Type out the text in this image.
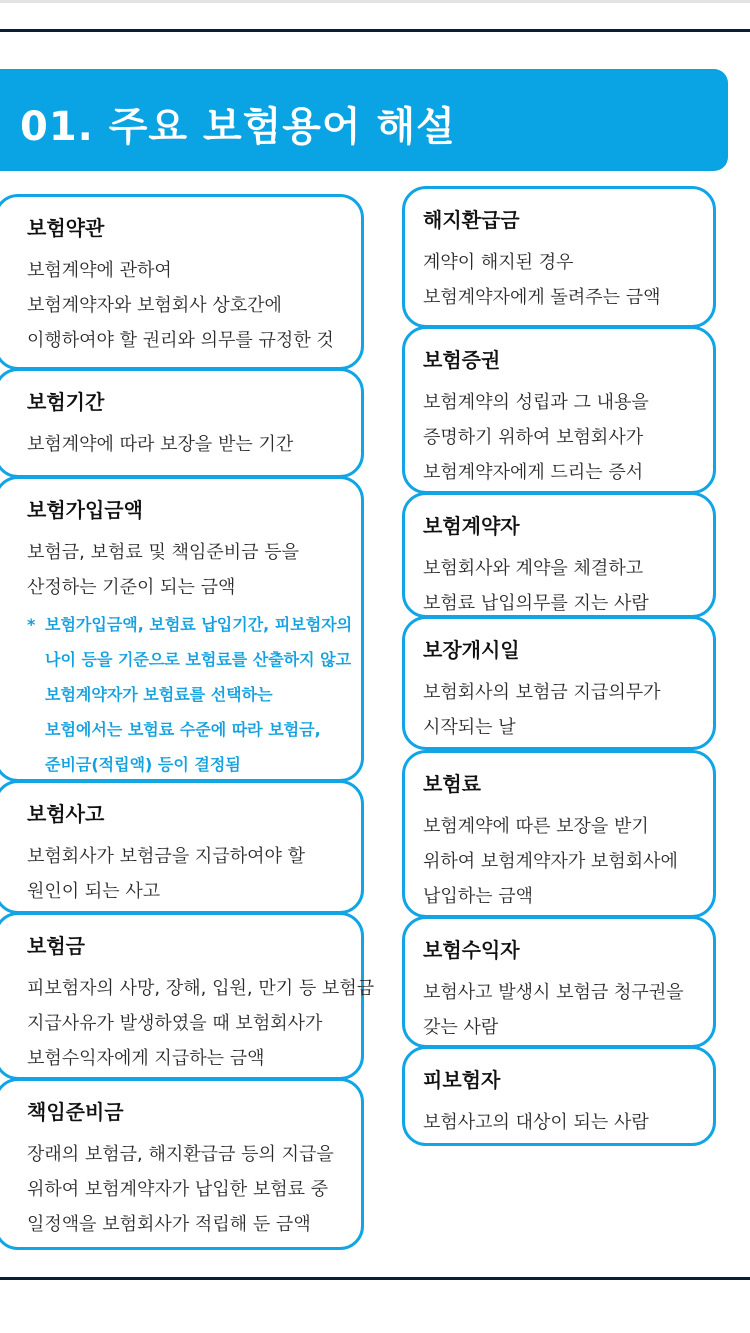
01. 주요 보험용어 해설
보험약관
보험계약에 관하여
보험계약자와 보험회사 상호간에
이행하여야 할 권리와 의무를 규정한 것
보험기간
보험계약에 따라 보장을 받는 기간
보험가입금액
보험금, 보험료 및 책임준비금 등을
산정하는 기준이 되는 금액
* 보험가입금액, 보험료 납입기간, 피보험자의
나이 등을 기준으로 보험료를 산출하지 않고
보험계약자가 보험료를 선택하는
보험에서는 보험료 수준에 따라 보험금,
준비금(적립액) 등이 결정됨
보험사고
보험회사가 보험금을 지급하여야 할
원인이 되는 사고
보험금
피보험자의 사망, 장해, 입원, 만기 등 보험금
지급사유가 발생하였을 때 보험회사가
보험수익자에게 지급하는 금액
책임준비금
장래의 보험금, 해지환급금 등의 지급을
위하여 보험계약자가 납입한 보험료 중
일정액을 보험회사가 적립해 둔 금액
해지환급금
계약이 해지된 경우
보험계약자에게 돌려주는 금액
보험증권
보험계약의 성립과 그 내용을
증명하기 위하여 보험회사가
보험계약자에게 드리는 증서
보험계약자
보험회사와 계약을 체결하고
보험료 납입의무를 지는 사람
보장개시일
보험회사의 보험금 지급의무가
시작되는 날
보험료
보험계약에 따른 보장을 받기
위하여 보험계약자가 보험회사에
납입하는 금액
보험수익자
보험사고 발생시 보험금 청구권을
갖는 사람
피보험자
보험사고의 대상이 되는 사람
